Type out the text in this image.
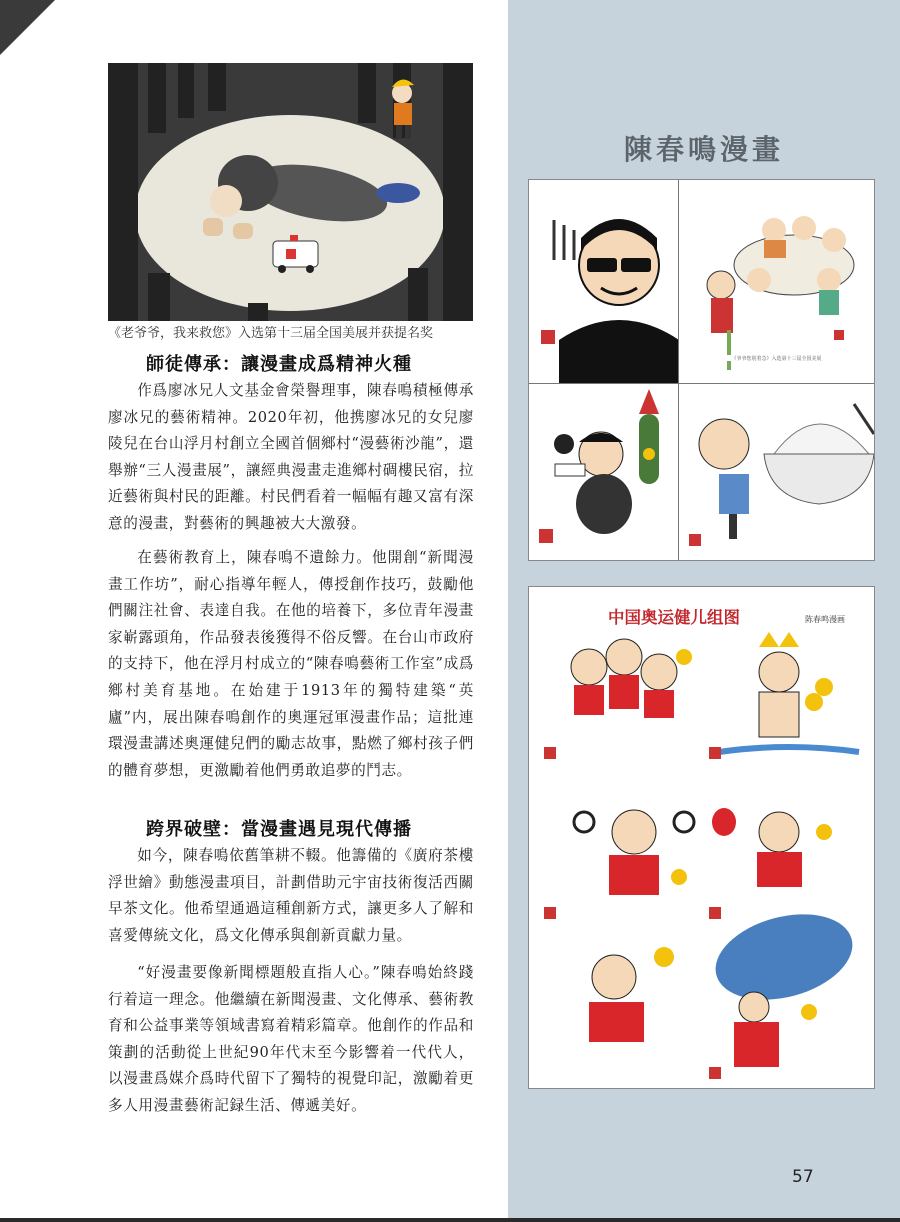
《老爷爷，我来救您》入选第十三届全国美展并获提名奖
師徒傳承：讓漫畫成爲精神火種

作爲廖冰兄人文基金會榮譽理事，陳春鳴積極傳承廖冰兄的藝術精神。2020年初，他携廖冰兄的女兒廖陵兒在台山浮月村創立全國首個鄉村“漫藝術沙龍”，還舉辦“三人漫畫展”，讓經典漫畫走進鄉村碉樓民宿，拉近藝術與村民的距離。村民們看着一幅幅有趣又富有深意的漫畫，對藝術的興趣被大大激發。

在藝術教育上，陳春鳴不遺餘力。他開創“新聞漫畫工作坊”，耐心指導年輕人，傳授創作技巧，鼓勵他們關注社會、表達自我。在他的培養下，多位青年漫畫家嶄露頭角，作品發表後獲得不俗反響。在台山市政府的支持下，他在浮月村成立的“陳春鳴藝術工作室”成爲鄉村美育基地。在始建于1913年的獨特建築“英廬”内，展出陳春鳴創作的奧運冠軍漫畫作品；這批連環漫畫講述奧運健兒們的勵志故事，點燃了鄉村孩子們的體育夢想，更激勵着他們勇敢追夢的鬥志。

跨界破壁：當漫畫遇見現代傳播

如今，陳春鳴依舊筆耕不輟。他籌備的《廣府茶樓浮世繪》動態漫畫項目，計劃借助元宇宙技術復活西關早茶文化。他希望通過這種創新方式，讓更多人了解和喜愛傳統文化，爲文化傳承與創新貢獻力量。

“好漫畫要像新聞標題般直指人心。”陳春鳴始終踐行着這一理念。他繼續在新聞漫畫、文化傳承、藝術教育和公益事業等領域書寫着精彩篇章。他創作的作品和策劃的活動從上世紀90年代末至今影響着一代代人，以漫畫爲媒介爲時代留下了獨特的視覺印記，激勵着更多人用漫畫藝術記録生活、傳遞美好。

陳春鳴漫畫
《爷爷您别着急》入选第十三届全国美展
中国奥运健儿组图	陈春鸣漫画
57
